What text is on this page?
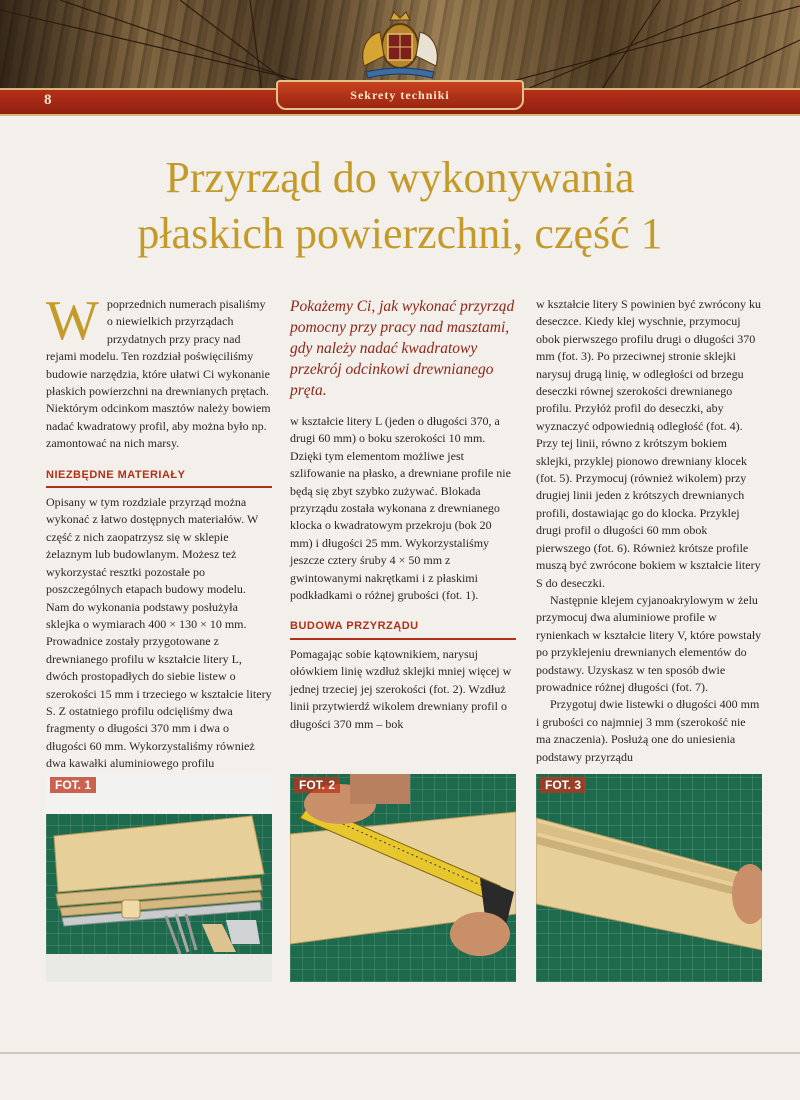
8	Sekrety techniki
Przyrząd do wykonywania
płaskich powierzchni, część 1

W poprzednich numerach pisaliśmy o niewielkich przyrządach przydatnych przy pracy nad rejami modelu. Ten rozdział poświęciliśmy budowie narzędzia, które ułatwi Ci wykonanie płaskich powierzchni na drewnianych prętach. Niektórym odcinkom masztów należy bowiem nadać kwadratowy profil, aby można było np. zamontować na nich marsy.

NIEZBĘDNE MATERIAŁY

Opisany w tym rozdziale przyrząd można wykonać z łatwo dostępnych materiałów. W część z nich zaopatrzysz się w sklepie żelaznym lub budowlanym. Możesz też wykorzystać resztki pozostałe po poszczególnych etapach budowy modelu. Nam do wykonania podstawy posłużyła sklejka o wymiarach 400 × 130 × 10 mm. Prowadnice zostały przygotowane z drewnianego profilu w kształcie litery L, dwóch prostopadłych do siebie listew o szerokości 15 mm i trzeciego w kształcie litery S. Z ostatniego profilu odcięliśmy dwa fragmenty o długości 370 mm i dwa o długości 60 mm. Wykorzystaliśmy również dwa kawałki aluminiowego profilu

Pokażemy Ci, jak wykonać przyrząd pomocny przy pracy nad masztami, gdy należy nadać kwadratowy przekrój odcinkowi drewnianego pręta.

w kształcie litery L (jeden o długości 370, a drugi 60 mm) o boku szerokości 10 mm. Dzięki tym elementom możliwe jest szlifowanie na płasko, a drewniane profile nie będą się zbyt szybko zużywać. Blokada przyrządu została wykonana z drewnianego klocka o kwadratowym przekroju (bok 20 mm) i długości 25 mm. Wykorzystaliśmy jeszcze cztery śruby 4 × 50 mm z gwintowanymi nakrętkami i z płaskimi podkładkami o różnej grubości (fot. 1).

BUDOWA PRZYRZĄDU

Pomagając sobie kątownikiem, narysuj ołówkiem linię wzdłuż sklejki mniej więcej w jednej trzeciej jej szerokości (fot. 2). Wzdłuż linii przytwierdź wikolem drewniany profil o długości 370 mm – bok

w kształcie litery S powinien być zwrócony ku deseczce. Kiedy klej wyschnie, przymocuj obok pierwszego profilu drugi o długości 370 mm (fot. 3). Po przeciwnej stronie sklejki narysuj drugą linię, w odległości od brzegu deseczki równej szerokości drewnianego profilu. Przyłóż profil do deseczki, aby wyznaczyć odpowiednią odległość (fot. 4). Przy tej linii, równo z krótszym bokiem sklejki, przyklej pionowo drewniany klocek (fot. 5). Przymocuj (również wikolem) przy drugiej linii jeden z krótszych drewnianych profili, dostawiając go do klocka. Przyklej drugi profil o długości 60 mm obok pierwszego (fot. 6). Również krótsze profile muszą być zwrócone bokiem w kształcie litery S do deseczki.

Następnie klejem cyjanoakrylowym w żelu przymocuj dwa aluminiowe profile w rynienkach w kształcie litery V, które powstały po przyklejeniu drewnianych elementów do podstawy. Uzyskasz w ten sposób dwie prowadnice różnej długości (fot. 7).

Przygotuj dwie listewki o długości 400 mm i grubości co najmniej 3 mm (szerokość nie ma znaczenia). Posłużą one do uniesienia podstawy przyrządu

FOT. 1	FOT. 2	FOT. 3
